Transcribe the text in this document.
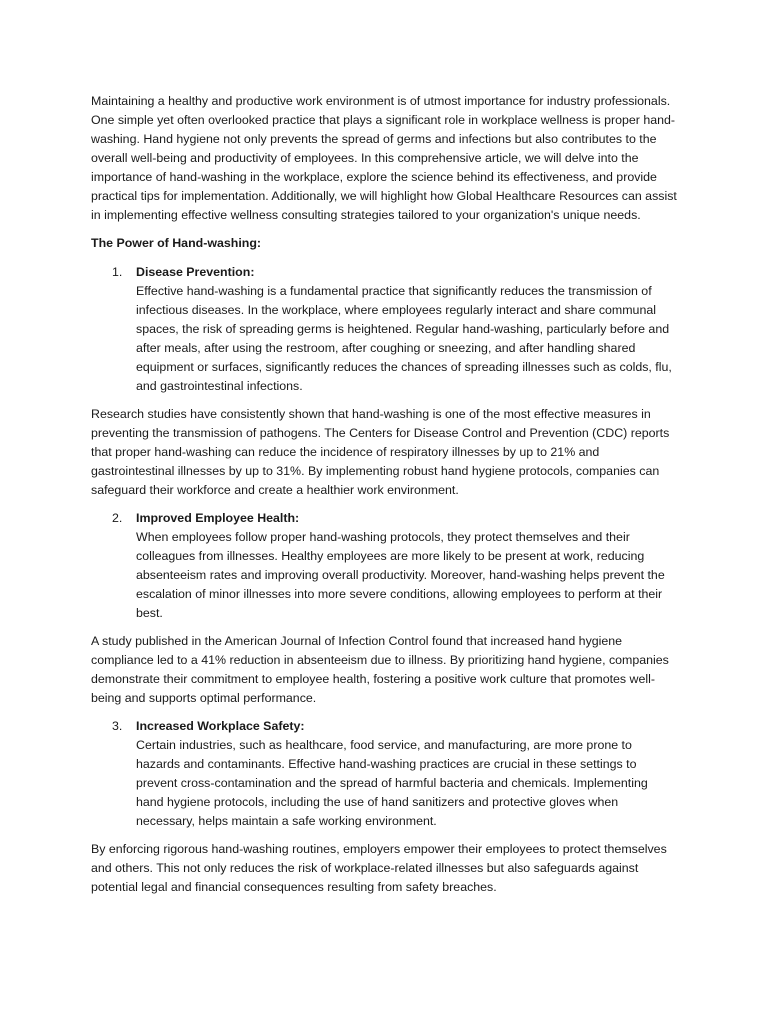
Maintaining a healthy and productive work environment is of utmost importance for industry professionals. One simple yet often overlooked practice that plays a significant role in workplace wellness is proper hand-washing. Hand hygiene not only prevents the spread of germs and infections but also contributes to the overall well-being and productivity of employees. In this comprehensive article, we will delve into the importance of hand-washing in the workplace, explore the science behind its effectiveness, and provide practical tips for implementation. Additionally, we will highlight how Global Healthcare Resources can assist in implementing effective wellness consulting strategies tailored to your organization's unique needs.

The Power of Hand-washing:

1. Disease Prevention:
Effective hand-washing is a fundamental practice that significantly reduces the transmission of infectious diseases. In the workplace, where employees regularly interact and share communal spaces, the risk of spreading germs is heightened. Regular hand-washing, particularly before and after meals, after using the restroom, after coughing or sneezing, and after handling shared equipment or surfaces, significantly reduces the chances of spreading illnesses such as colds, flu, and gastrointestinal infections.

Research studies have consistently shown that hand-washing is one of the most effective measures in preventing the transmission of pathogens. The Centers for Disease Control and Prevention (CDC) reports that proper hand-washing can reduce the incidence of respiratory illnesses by up to 21% and gastrointestinal illnesses by up to 31%. By implementing robust hand hygiene protocols, companies can safeguard their workforce and create a healthier work environment.

2. Improved Employee Health:
When employees follow proper hand-washing protocols, they protect themselves and their colleagues from illnesses. Healthy employees are more likely to be present at work, reducing absenteeism rates and improving overall productivity. Moreover, hand-washing helps prevent the escalation of minor illnesses into more severe conditions, allowing employees to perform at their best.

A study published in the American Journal of Infection Control found that increased hand hygiene compliance led to a 41% reduction in absenteeism due to illness. By prioritizing hand hygiene, companies demonstrate their commitment to employee health, fostering a positive work culture that promotes well-being and supports optimal performance.

3. Increased Workplace Safety:
Certain industries, such as healthcare, food service, and manufacturing, are more prone to hazards and contaminants. Effective hand-washing practices are crucial in these settings to prevent cross-contamination and the spread of harmful bacteria and chemicals. Implementing hand hygiene protocols, including the use of hand sanitizers and protective gloves when necessary, helps maintain a safe working environment.

By enforcing rigorous hand-washing routines, employers empower their employees to protect themselves and others. This not only reduces the risk of workplace-related illnesses but also safeguards against potential legal and financial consequences resulting from safety breaches.
